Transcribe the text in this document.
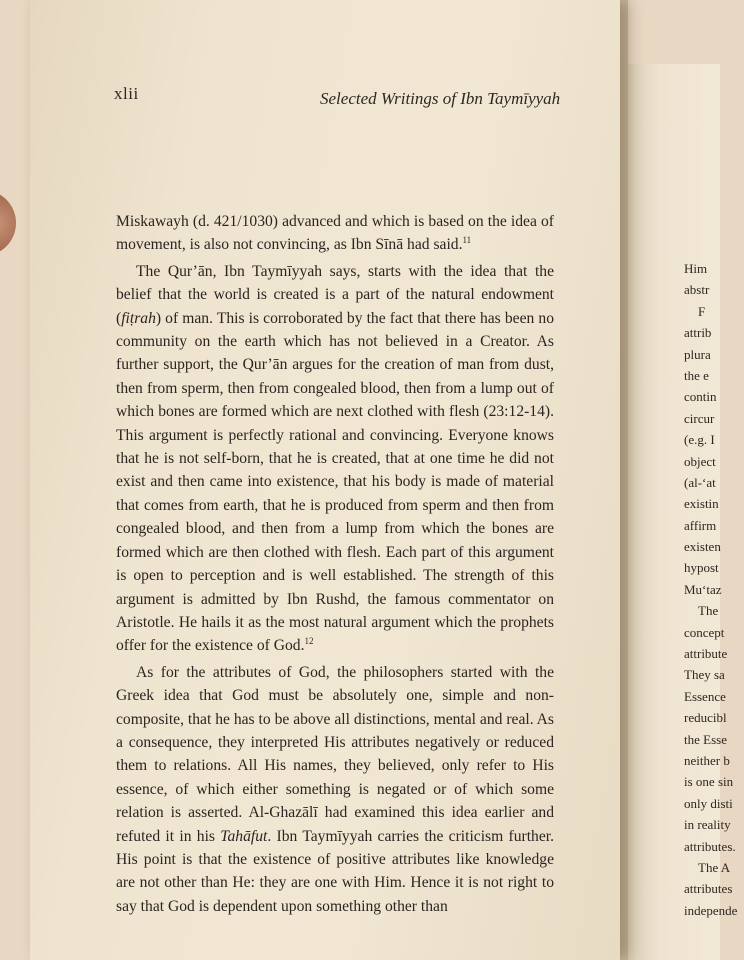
xlii	Selected Writings of Ibn Taymīyyah

Miskawayh (d. 421/1030) advanced and which is based on the idea of movement, is also not convincing, as Ibn Sīnā had said.$^{11}$

The Qur’ān, Ibn Taymīyyah says, starts with the idea that the belief that the world is created is a part of the natural endowment (fiṭrah) of man. This is corroborated by the fact that there has been no community on the earth which has not believed in a Creator. As further support, the Qur’ān argues for the creation of man from dust, then from sperm, then from congealed blood, then from a lump out of which bones are formed which are next clothed with flesh (23:12-14). This argument is perfectly rational and convincing. Everyone knows that he is not self-born, that he is created, that at one time he did not exist and then came into existence, that his body is made of material that comes from earth, that he is produced from sperm and then from congealed blood, and then from a lump from which the bones are formed which are then clothed with flesh. Each part of this argument is open to perception and is well established. The strength of this argument is admitted by Ibn Rushd, the famous commentator on Aristotle. He hails it as the most natural argument which the prophets offer for the existence of God.$^{12}$

As for the attributes of God, the philosophers started with the Greek idea that God must be absolutely one, simple and non-composite, that he has to be above all distinctions, mental and real. As a consequence, they interpreted His attributes negatively or reduced them to relations. All His names, they believed, only refer to His essence, of which either something is negated or of which some relation is asserted. Al-Ghazālī had examined this idea earlier and refuted it in his Tahāfut. Ibn Taymīyyah carries the criticism further. His point is that the existence of positive attributes like knowledge are not other than He: they are one with Him. Hence it is not right to say that God is dependent upon something other than

Him
abstr
F
attrib
plura
the e
contin
circur
(e.g. I
object
(al-‘at
existin
affirm
existen
hypost
Mu‘taz
The
concept
attribute
They sa
Essence
reducibl
the Esse
neither b
is one sin
only disti
in reality
attributes.
The A
attributes
independe
